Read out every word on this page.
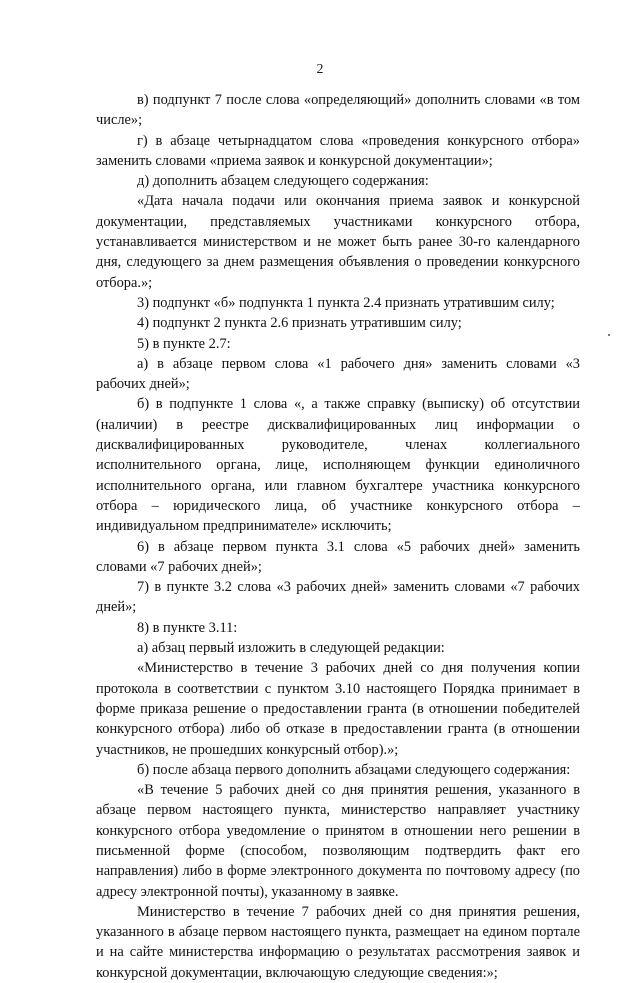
2

в) подпункт 7 после слова «определяющий» дополнить словами «в том числе»;

г) в абзаце четырнадцатом слова «проведения конкурсного отбора» заменить словами «приема заявок и конкурсной документации»;

д) дополнить абзацем следующего содержания:

«Дата начала подачи или окончания приема заявок и конкурсной документации, представляемых участниками конкурсного отбора, устанавливается министерством и не может быть ранее 30-го календарного дня, следующего за днем размещения объявления о проведении конкурсного отбора.»;

3) подпункт «б» подпункта 1 пункта 2.4 признать утратившим силу;

4) подпункт 2 пункта 2.6 признать утратившим силу;

5) в пункте 2.7:

а) в абзаце первом слова «1 рабочего дня» заменить словами «3 рабочих дней»;

б) в подпункте 1 слова «, а также справку (выписку) об отсутствии (наличии) в реестре дисквалифицированных лиц информации о дисквалифицированных руководителе, членах коллегиального исполнительного органа, лице, исполняющем функции единоличного исполнительного органа, или главном бухгалтере участника конкурсного отбора – юридического лица, об участнике конкурсного отбора – индивидуальном предпринимателе» исключить;

6) в абзаце первом пункта 3.1 слова «5 рабочих дней» заменить словами «7 рабочих дней»;

7) в пункте 3.2 слова «3 рабочих дней» заменить словами «7 рабочих дней»;

8) в пункте 3.11:

а) абзац первый изложить в следующей редакции:

«Министерство в течение 3 рабочих дней со дня получения копии протокола в соответствии с пунктом 3.10 настоящего Порядка принимает в форме приказа решение о предоставлении гранта (в отношении победителей конкурсного отбора) либо об отказе в предоставлении гранта (в отношении участников, не прошедших конкурсный отбор).»;

б) после абзаца первого дополнить абзацами следующего содержания:

«В течение 5 рабочих дней со дня принятия решения, указанного в абзаце первом настоящего пункта, министерство направляет участнику конкурсного отбора уведомление о принятом в отношении него решении в письменной форме (способом, позволяющим подтвердить факт его направления) либо в форме электронного документа по почтовому адресу (по адресу электронной почты), указанному в заявке.

Министерство в течение 7 рабочих дней со дня принятия решения, указанного в абзаце первом настоящего пункта, размещает на едином портале и на сайте министерства информацию о результатах рассмотрения заявок и конкурсной документации, включающую следующие сведения:»;
